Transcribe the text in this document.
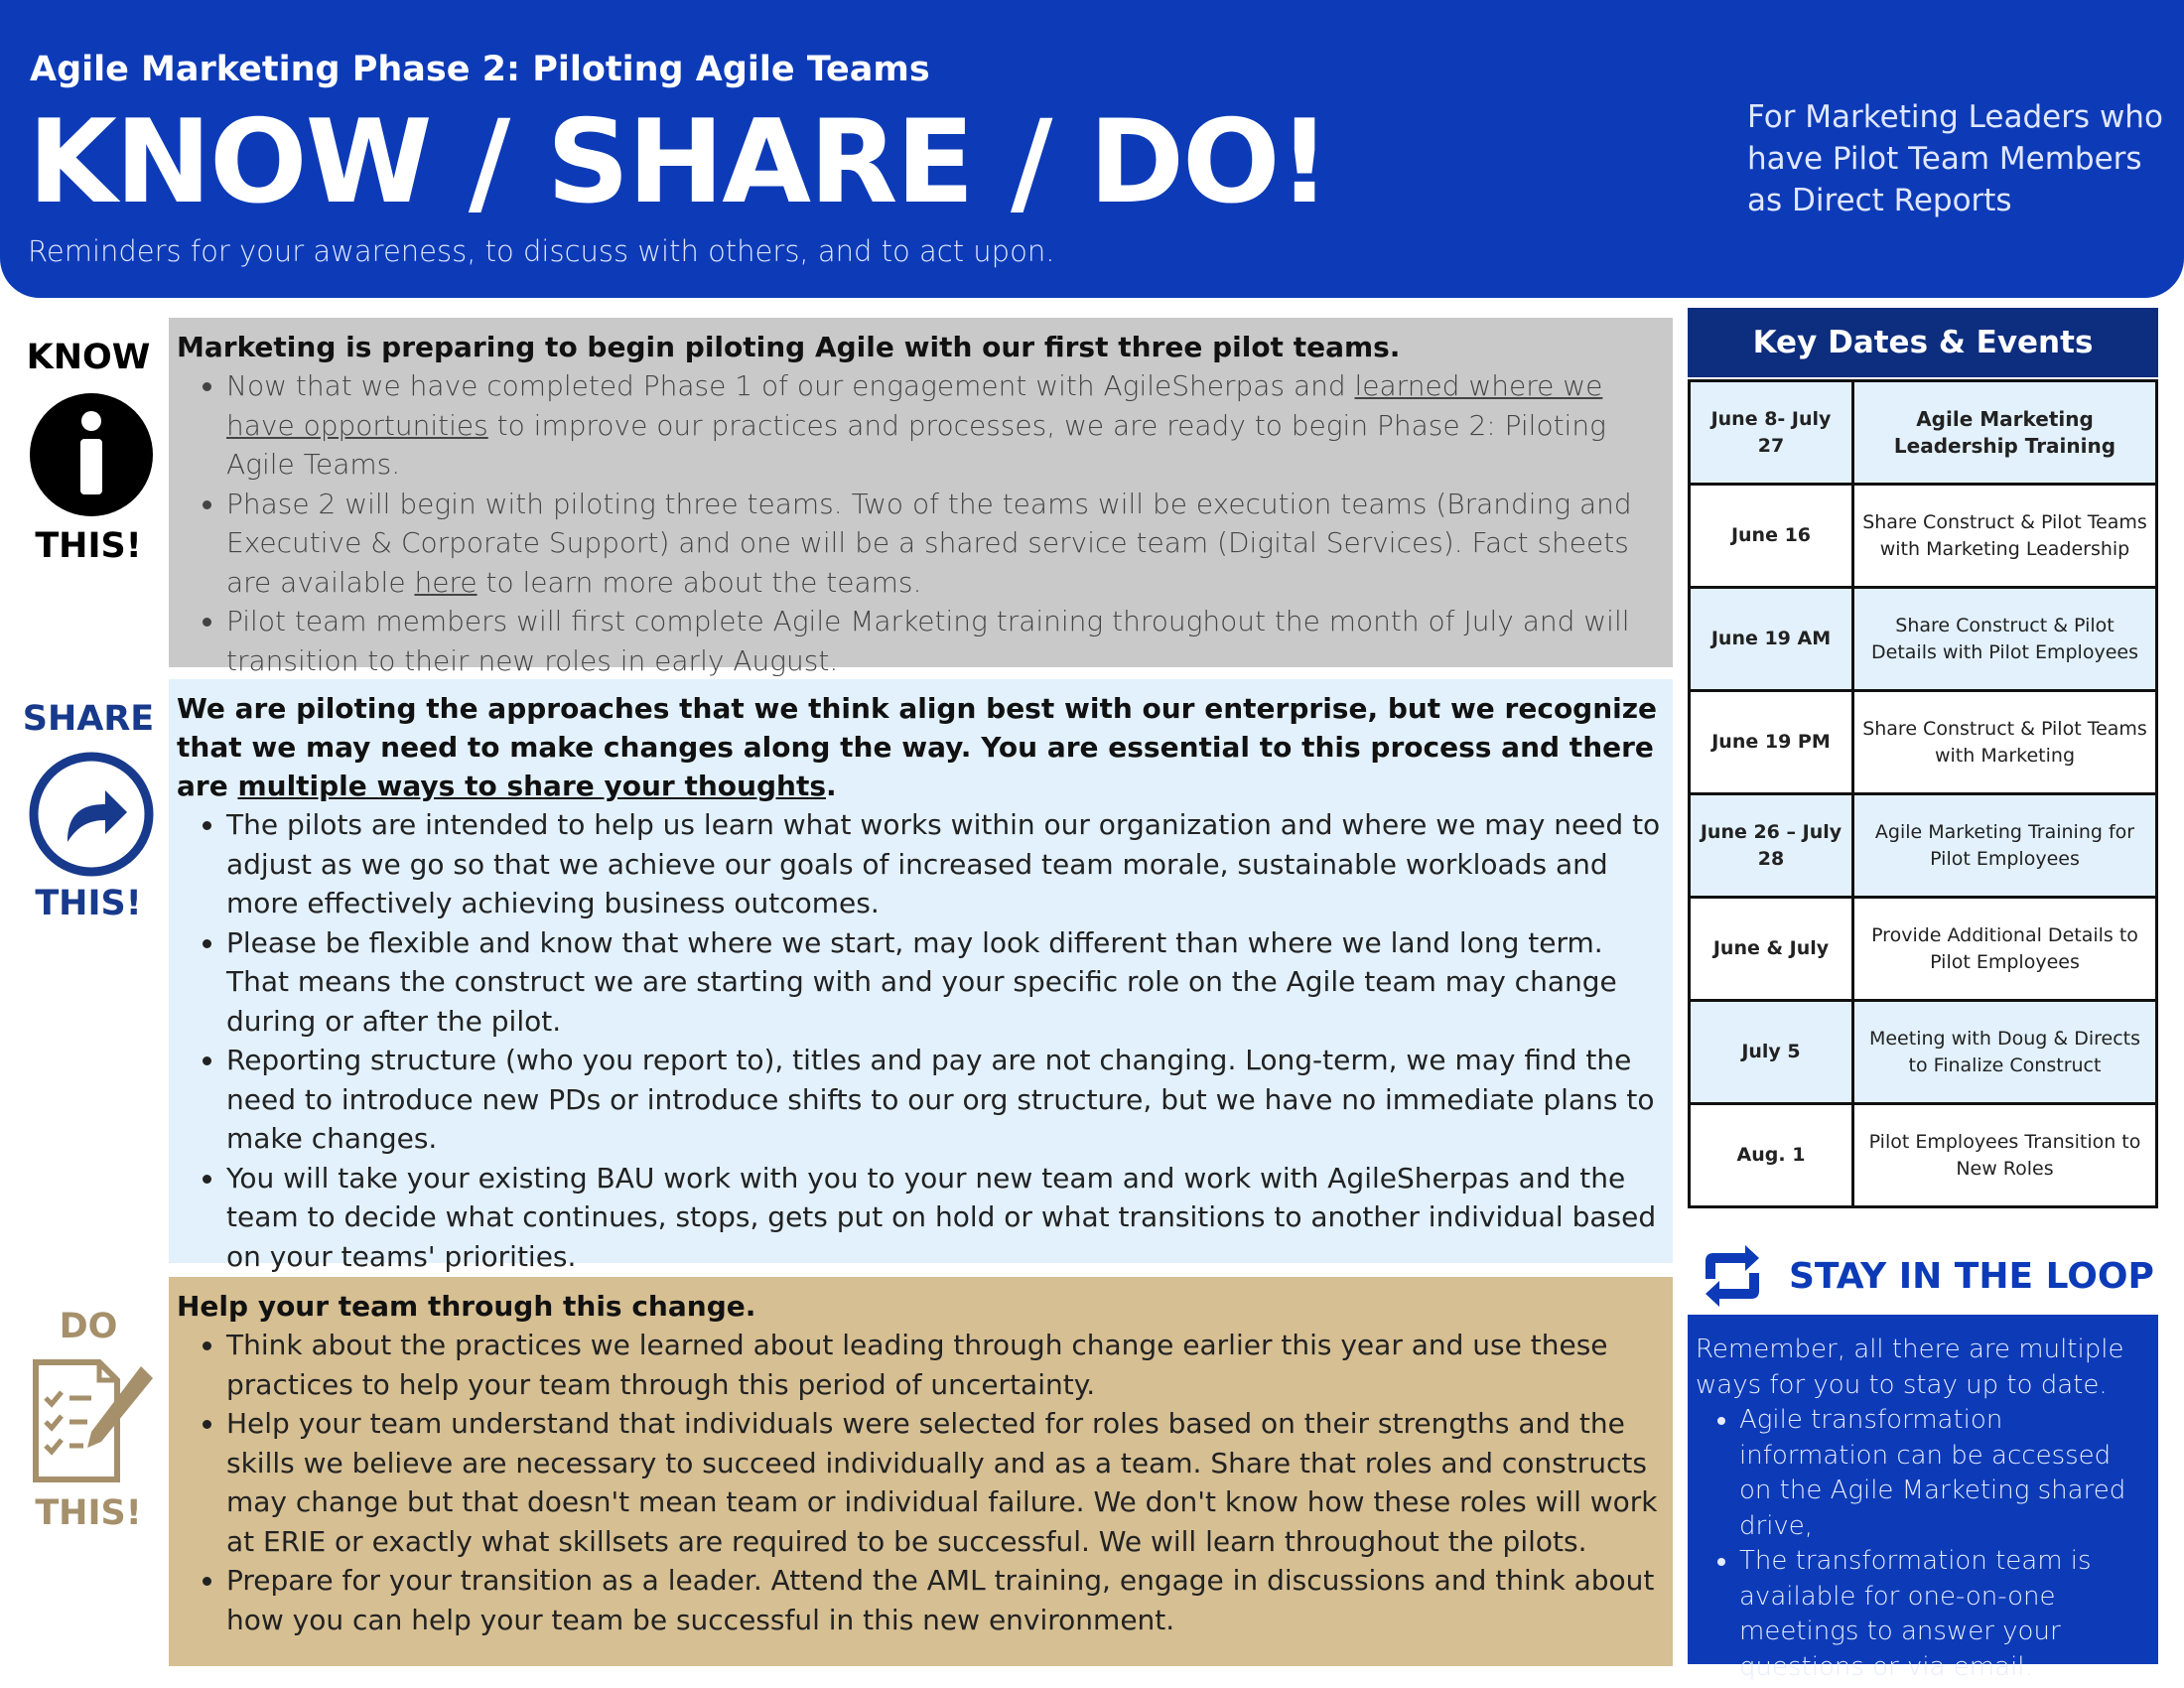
Agile Marketing Phase 2: Piloting Agile Teams
KNOW / SHARE / DO!
Reminders for your awareness, to discuss with others, and to act upon.
For Marketing Leaders who have Pilot Team Members as Direct Reports
KNOW
THIS!
Marketing is preparing to begin piloting Agile with our first three pilot teams.
• Now that we have completed Phase 1 of our engagement with AgileSherpas and learned where we have opportunities to improve our practices and processes, we are ready to begin Phase 2: Piloting Agile Teams.
• Phase 2 will begin with piloting three teams. Two of the teams will be execution teams (Branding and Executive & Corporate Support) and one will be a shared service team (Digital Services). Fact sheets are available here to learn more about the teams.
• Pilot team members will first complete Agile Marketing training throughout the month of July and will transition to their new roles in early August.
SHARE
THIS!
We are piloting the approaches that we think align best with our enterprise, but we recognize that we may need to make changes along the way. You are essential to this process and there are multiple ways to share your thoughts.
• The pilots are intended to help us learn what works within our organization and where we may need to adjust as we go so that we achieve our goals of increased team morale, sustainable workloads and more effectively achieving business outcomes.
• Please be flexible and know that where we start, may look different than where we land long term. That means the construct we are starting with and your specific role on the Agile team may change during or after the pilot.
• Reporting structure (who you report to), titles and pay are not changing. Long-term, we may find the need to introduce new PDs or introduce shifts to our org structure, but we have no immediate plans to make changes.
• You will take your existing BAU work with you to your new team and work with AgileSherpas and the team to decide what continues, stops, gets put on hold or what transitions to another individual based on your teams' priorities.
DO
THIS!
Help your team through this change.
• Think about the practices we learned about leading through change earlier this year and use these practices to help your team through this period of uncertainty.
• Help your team understand that individuals were selected for roles based on their strengths and the skills we believe are necessary to succeed individually and as a team. Share that roles and constructs may change but that doesn't mean team or individual failure. We don't know how these roles will work at ERIE or exactly what skillsets are required to be successful. We will learn throughout the pilots.
• Prepare for your transition as a leader. Attend the AML training, engage in discussions and think about how you can help your team be successful in this new environment.
Key Dates & Events
June 8- July 27	Agile Marketing Leadership Training
June 16	Share Construct & Pilot Teams with Marketing Leadership
June 19 AM	Share Construct & Pilot Details with Pilot Employees
June 19 PM	Share Construct & Pilot Teams with Marketing
June 26 – July 28	Agile Marketing Training for Pilot Employees
June & July	Provide Additional Details to Pilot Employees
July 5	Meeting with Doug & Directs to Finalize Construct
Aug. 1	Pilot Employees Transition to New Roles
STAY IN THE LOOP
Remember, all there are multiple ways for you to stay up to date.
• Agile transformation information can be accessed on the Agile Marketing shared drive,
• The transformation team is available for one-on-one meetings to answer your questions or via email.
